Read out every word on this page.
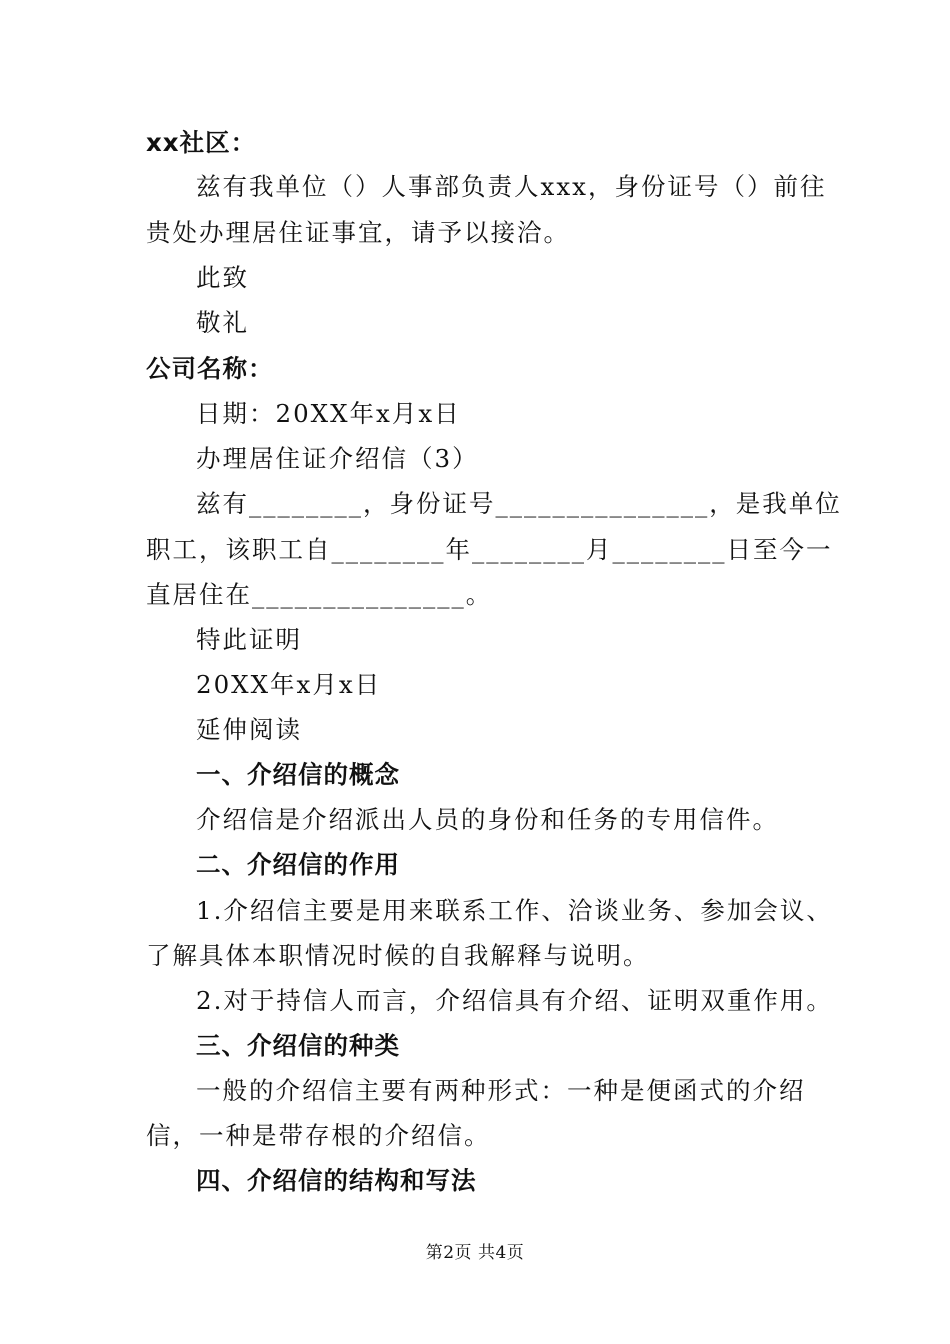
xx社区：
兹有我单位（）人事部负责人xxx，身份证号（）前往
贵处办理居住证事宜，请予以接洽。
此致
敬礼
公司名称：
日期：20XX年x月x日
办理居住证介绍信（3）
兹有________，身份证号_______________，是我单位
职工，该职工自________年________月________日至今一
直居住在_______________。
特此证明
20XX年x月x日
延伸阅读
一、介绍信的概念
介绍信是介绍派出人员的身份和任务的专用信件。
二、介绍信的作用
1.介绍信主要是用来联系工作、洽谈业务、参加会议、
了解具体本职情况时候的自我解释与说明。
2.对于持信人而言，介绍信具有介绍、证明双重作用。
三、介绍信的种类
一般的介绍信主要有两种形式：一种是便函式的介绍
信，一种是带存根的介绍信。
四、介绍信的结构和写法
第2页 共4页
